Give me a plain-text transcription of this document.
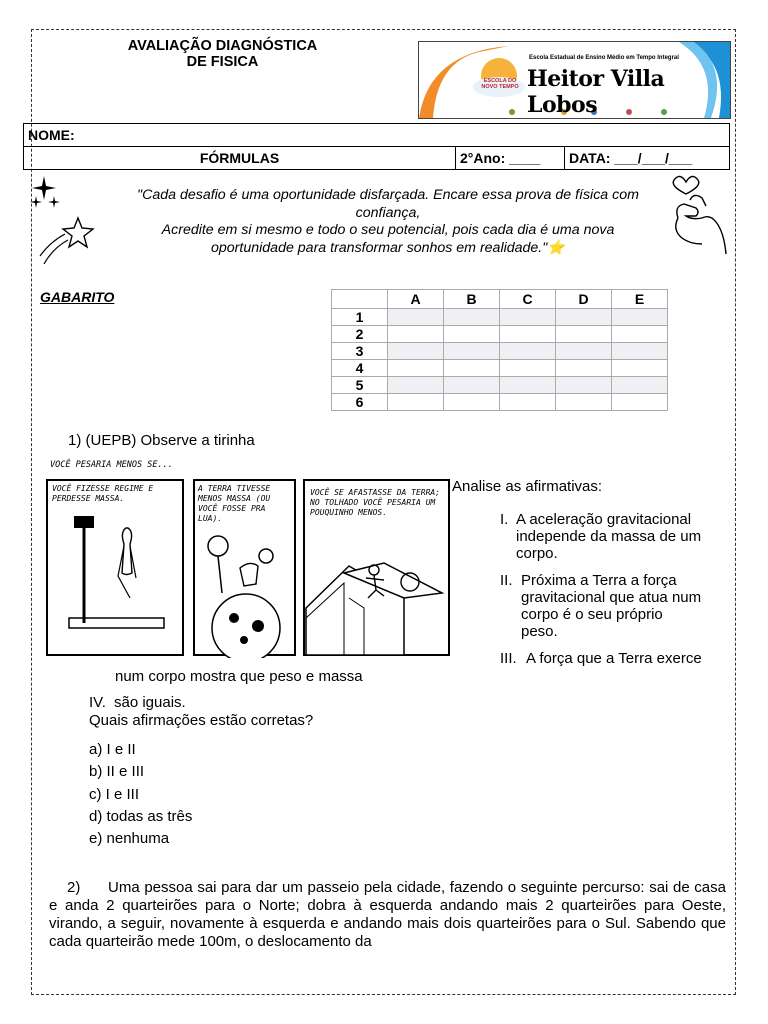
AVALIAÇÃO DIAGNÓSTICA
DE FISICA
ESCOLA DO NOVO TEMPO
Escola Estadual de Ensino Médio em Tempo Integral
Heitor Villa Lobos
NOME:
FÓRMULAS	2°Ano: ____	DATA: ___/___/___
"Cada desafio é uma oportunidade disfarçada. Encare essa prova de física com
confiança,
Acredite em si mesmo e todo o seu potencial, pois cada dia é uma nova
oportunidade para transformar sonhos em realidade."⭐
GABARITO
		A	B	C	D	E
1					
2					
3					
4					
5					
6					
1) (UEPB) Observe a tirinha
VOCÊ PESARIA MENOS SE...
VOCÊ FIZESSE REGIME E PERDESSE MASSA.
A TERRA TIVESSE MENOS MASSA (OU VOCÊ FOSSE PRA LUA).
VOCÊ SE AFASTASSE DA TERRA; NO TOLHADO VOCÊ PESARIA UM POUQUINHO MENOS.
Analise as afirmativas:
I. A aceleração gravitacional
independe da massa de um
corpo.
II. Próxima a Terra a força
gravitacional que atua num
corpo é o seu próprio
peso.
III. A força que a Terra exerce
num corpo mostra que peso e massa
IV. são iguais.
Quais afirmações estão corretas?
a) I e II
b) II e III
c) I e III
d) todas as três
e) nenhuma
2)      Uma pessoa sai para dar um passeio pela cidade, fazendo o seguinte percurso: sai de casa e anda 2 quarteirões para o Norte; dobra à esquerda andando mais 2 quarteirões para Oeste, virando, a seguir, novamente à esquerda e andando mais dois quarteirões para o Sul. Sabendo que cada quarteirão mede 100m, o deslocamento da
